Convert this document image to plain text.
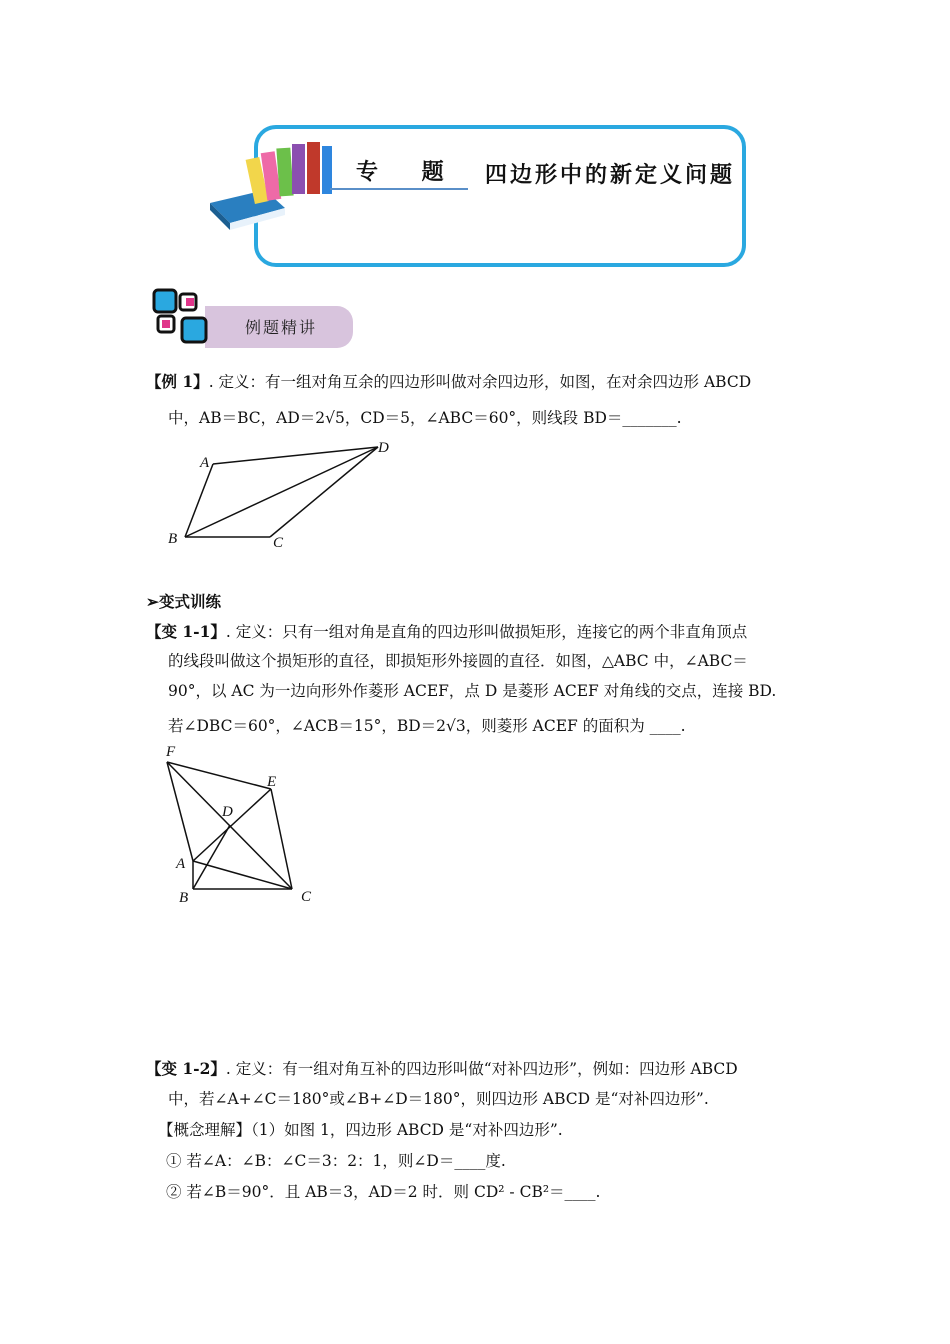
专 题 四边形中的新定义问题
例题精讲
【例 1】. 定义：有一组对角互余的四边形叫做对余四边形，如图，在对余四边形 ABCD
中，AB＝BC，AD＝2√5，CD＝5，∠ABC＝60°，则线段 BD＝_______.
A
D
B	C
➢变式训练
【变 1-1】. 定义：只有一组对角是直角的四边形叫做损矩形，连接它的两个非直角顶点
的线段叫做这个损矩形的直径，即损矩形外接圆的直径．如图，△ABC 中，∠ABC＝
90°，以 AC 为一边向形外作菱形 ACEF，点 D 是菱形 ACEF 对角线的交点，连接 BD.
若∠DBC＝60°，∠ACB＝15°，BD＝2√3，则菱形 ACEF 的面积为 ____.
F
E
D
A
B	C
【变 1-2】. 定义：有一组对角互补的四边形叫做“对补四边形”，例如：四边形 ABCD
中，若∠A+∠C＝180°或∠B+∠D＝180°，则四边形 ABCD 是“对补四边形”.
【概念理解】（1）如图 1，四边形 ABCD 是“对补四边形”.
① 若∠A：∠B：∠C＝3：2：1，则∠D＝____度.
② 若∠B＝90°．且 AB＝3，AD＝2 时．则 CD² - CB²＝____.
